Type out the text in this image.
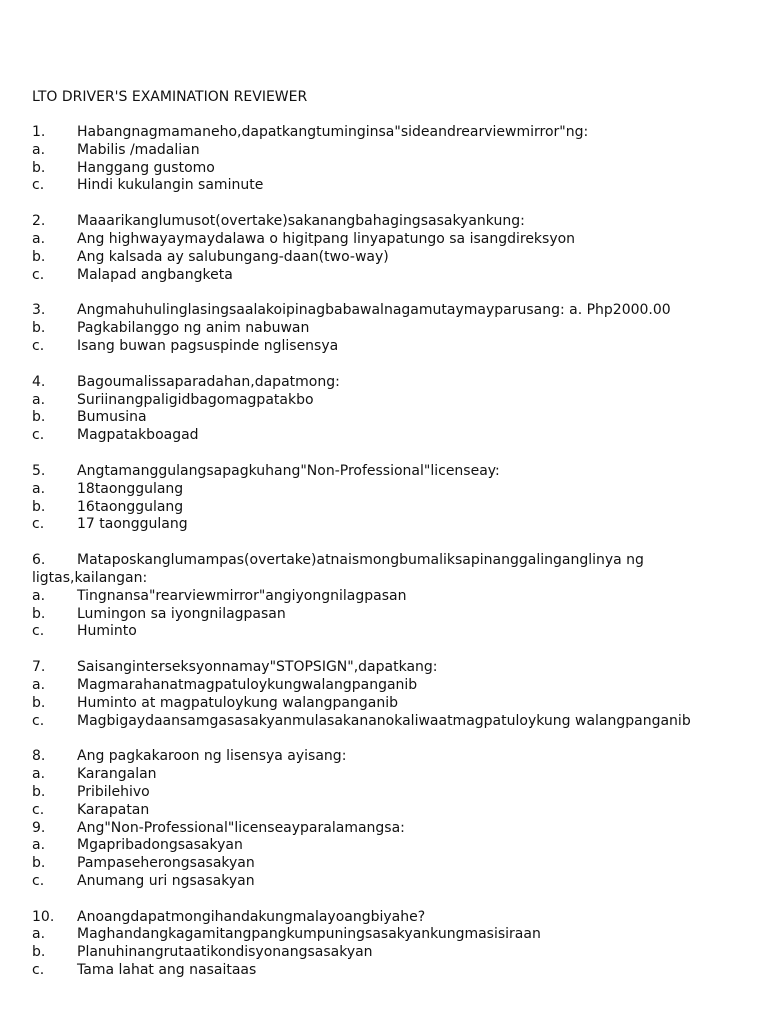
LTO DRIVER'S EXAMINATION REVIEWER
1.	Habangnagmamaneho,dapatkangtuminginsa"sideandrearviewmirror"ng:
a.	Mabilis /madalian
b.	Hanggang gustomo
c.	Hindi kukulangin saminute
2.	Maaarikanglumusot(overtake)sakanangbahagingsasakyankung:
a.	Ang highwayaymaydalawa o higitpang linyapatungo sa isangdireksyon
b.	Ang kalsada ay salubungang-daan(two-way)
c.	Malapad angbangketa
3.	Angmahuhulinglasingsaalakoipinagbabawalnagamutaymayparusang: a. Php2000.00
b.	Pagkabilanggo ng anim nabuwan
c.	Isang buwan pagsuspinde nglisensya
4.	Bagoumalissaparadahan,dapatmong:
a.	Suriinangpaligidbagomagpatakbo
b.	Bumusina
c.	Magpatakboagad
5.	Angtamanggulangsapagkuhang"Non-Professional"licenseay:
a.	18taonggulang
b.	16taonggulang
c.	17 taonggulang
6.	Mataposkanglumampas(overtake)atnaismongbumaliksapinanggalinganglinya ng
ligtas,kailangan:
a.	Tingnansa"rearviewmirror"angiyongnilagpasan
b.	Lumingon sa iyongnilagpasan
c.	Huminto
7.	Saisanginterseksyonnamay"STOPSIGN",dapatkang:
a.	Magmarahanatmagpatuloykungwalangpanganib
b.	Huminto at magpatuloykung walangpanganib
c.	Magbigaydaansamgasasakyanmulasakananokaliwaatmagpatuloykung walangpanganib
8.	Ang pagkakaroon ng lisensya ayisang:
a.	Karangalan
b.	Pribilehivo
c.	Karapatan
9.	Ang"Non-Professional"licenseayparalamangsa:
a.	Mgapribadongsasakyan
b.	Pampaseherongsasakyan
c.	Anumang uri ngsasakyan
10.	Anoangdapatmongihandakungmalayoangbiyahe?
a.	Maghandangkagamitangpangkumpuningsasakyankungmasisiraan
b.	Planuhinangrutaatikondisyonangsasakyan
c.	Tama lahat ang nasaitaas
